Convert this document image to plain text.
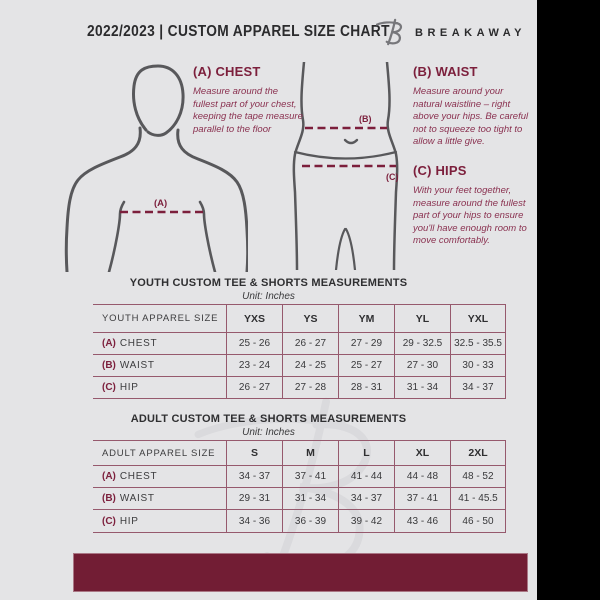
2022/2023 | CUSTOM APPAREL SIZE CHART BREAKAWAY
(A)
(B)
(C)
(A) CHEST

Measure around the fullest part of your chest, keeping the tape measure parallel to the floor

(B) WAIST

Measure around your natural waistline – right above your hips. Be careful not to squeeze too tight to allow a little give.

(C) HIPS

With your feet together, measure around the fullest part of your hips to ensure you'll have enough room to move comfortably.

YOUTH CUSTOM TEE & SHORTS MEASUREMENTS
Unit: Inches
YOUTH APPAREL SIZE	YXS	YS	YM	YL	YXL
(A) CHEST	25 - 26	26 - 27	27 - 29	29 - 32.5	32.5 - 35.5
(B) WAIST	23 - 24	24 - 25	25 - 27	27 - 30	30 - 33
(C) HIP	26 - 27	27 - 28	28 - 31	31 - 34	34 - 37
ADULT CUSTOM TEE & SHORTS MEASUREMENTS
Unit: Inches
ADULT APPAREL SIZE	S	M	L	XL	2XL
(A) CHEST	34 - 37	37 - 41	41 - 44	44 - 48	48 - 52
(B) WAIST	29 - 31	31 - 34	34 - 37	37 - 41	41 - 45.5
(C) HIP	34 - 36	36 - 39	39 - 42	43 - 46	46 - 50
